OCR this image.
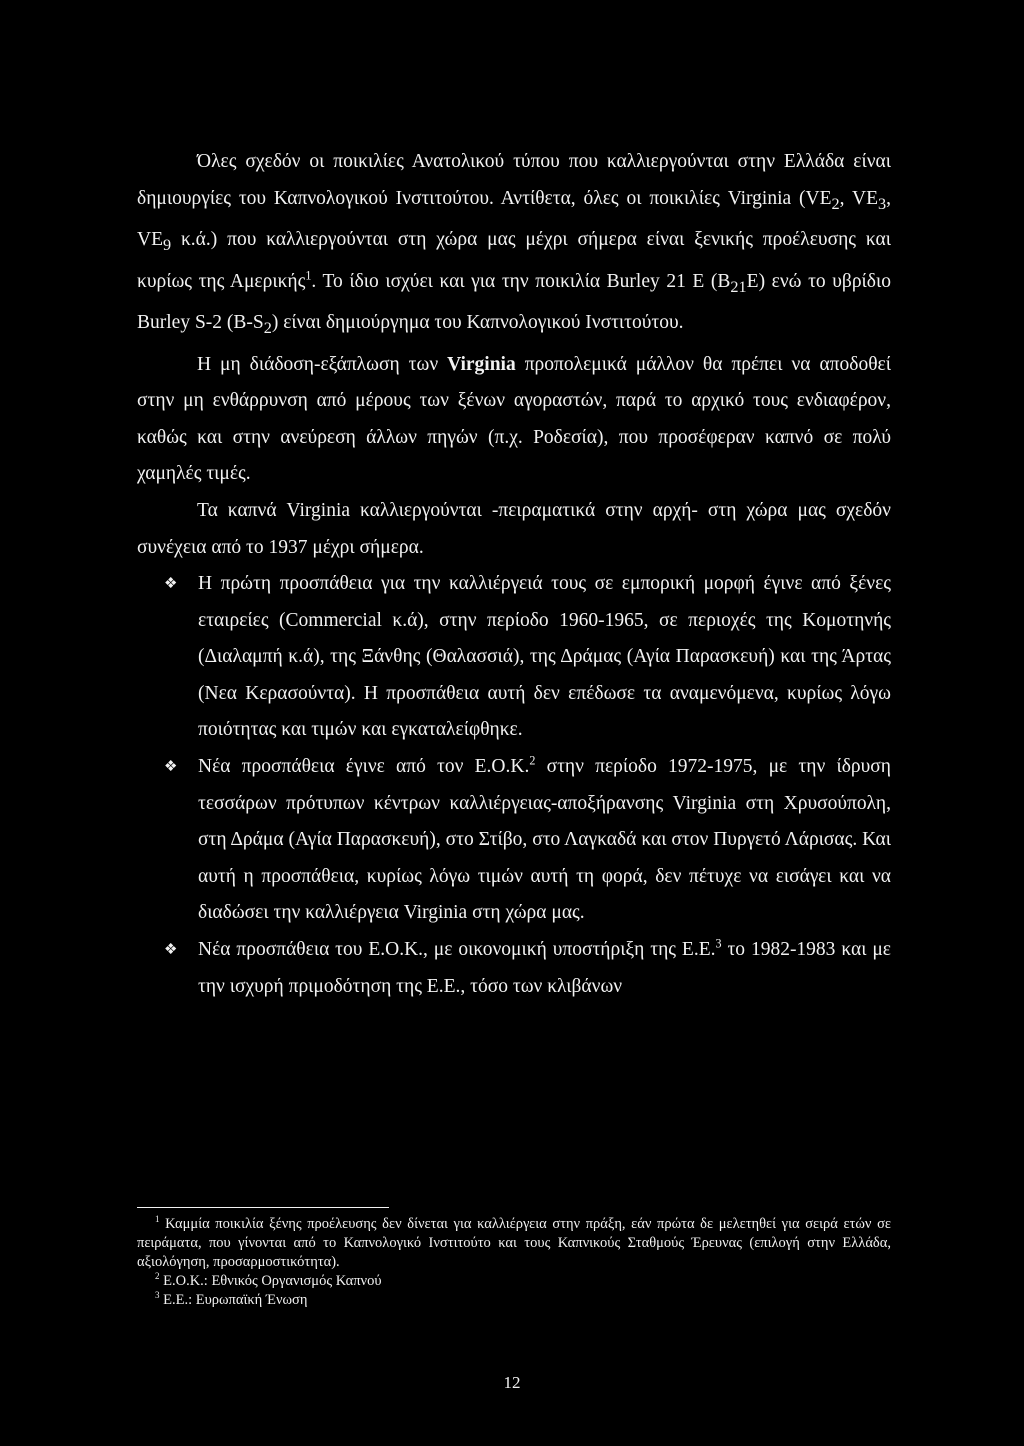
Όλες σχεδόν οι ποικιλίες Ανατολικού τύπου που καλλιεργούνται στην Ελλάδα είναι δημιουργίες του Καπνολογικού Ινστιτούτου. Αντίθετα, όλες οι ποικιλίες Virginia ($VE_2$, $VE_3$, $VE_9$ κ.ά.) που καλλιεργούνται στη χώρα μας μέχρι σήμερα είναι ξενικής προέλευσης και κυρίως της Αμερικής$^1$. Το ίδιο ισχύει και για την ποικιλία Burley 21 E $(B_{21}E)$ ενώ το υβρίδιο Burley S-2 $(B-S_2)$ είναι δημιούργημα του Καπνολογικού Ινστιτούτου.

Η μη διάδοση-εξάπλωση των Virginia προπολεμικά μάλλον θα πρέπει να αποδοθεί στην μη ενθάρρυνση από μέρους των ξένων αγοραστών, παρά το αρχικό τους ενδιαφέρον, καθώς και στην ανεύρεση άλλων πηγών (π.χ. Ροδεσία), που προσέφεραν καπνό σε πολύ χαμηλές τιμές.

Τα καπνά Virginia καλλιεργούνται -πειραματικά στην αρχή- στη χώρα μας σχεδόν συνέχεια από το 1937 μέχρι σήμερα.

❖ Η πρώτη προσπάθεια για την καλλιέργειά τους σε εμπορική μορφή έγινε από ξένες εταιρείες (Commercial κ.ά), στην περίοδο 1960-1965, σε περιοχές της Κομοτηνής (Διαλαμπή κ.ά), της Ξάνθης (Θαλασσιά), της Δράμας (Αγία Παρασκευή) και της Άρτας (Νεα Κερασούντα). Η προσπάθεια αυτή δεν επέδωσε τα αναμενόμενα, κυρίως λόγω ποιότητας και τιμών και εγκαταλείφθηκε.
❖ Νέα προσπάθεια έγινε από τον Ε.Ο.Κ.$^2$ στην περίοδο 1972-1975, με την ίδρυση τεσσάρων πρότυπων κέντρων καλλιέργειας-αποξήρανσης Virginia στη Χρυσούπολη, στη Δράμα (Αγία Παρασκευή), στο Στίβο, στο Λαγκαδά και στον Πυργετό Λάρισας. Και αυτή η προσπάθεια, κυρίως λόγω τιμών αυτή τη φορά, δεν πέτυχε να εισάγει και να διαδώσει την καλλιέργεια Virginia στη χώρα μας.
❖ Νέα προσπάθεια του Ε.Ο.Κ., με οικονομική υποστήριξη της Ε.Ε.$^3$ το 1982-1983 και με την ισχυρή πριμοδότηση της Ε.Ε., τόσο των κλιβάνων

$^1$ Καμμία ποικιλία ξένης προέλευσης δεν δίνεται για καλλιέργεια στην πράξη, εάν πρώτα δε μελετηθεί για σειρά ετών σε πειράματα, που γίνονται από το Καπνολογικό Ινστιτούτο και τους Καπνικούς Σταθμούς Έρευνας (επιλογή στην Ελλάδα, αξιολόγηση, προσαρμοστικότητα).

$^2$ Ε.Ο.Κ.: Εθνικός Οργανισμός Καπνού

$^3$ Ε.Ε.: Ευρωπαϊκή Ένωση

12
